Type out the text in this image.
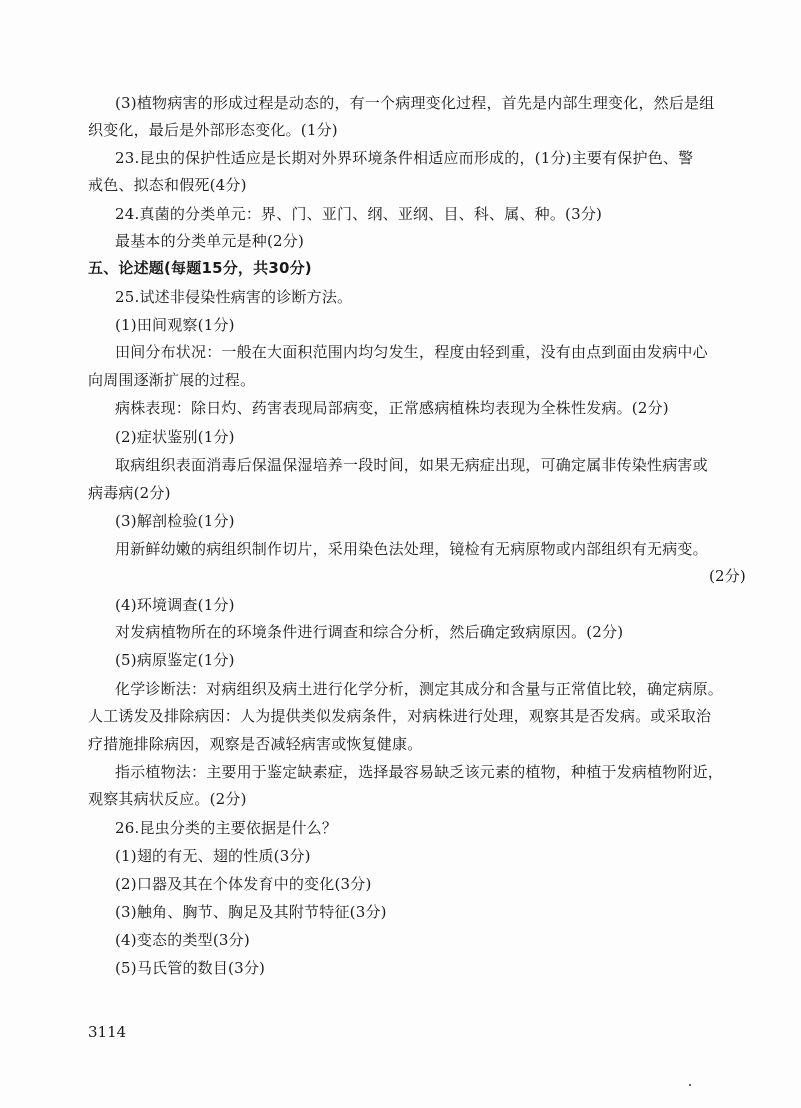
(3)植物病害的形成过程是动态的，有一个病理变化过程，首先是内部生理变化，然后是组
织变化，最后是外部形态变化。(1分)
23.昆虫的保护性适应是长期对外界环境条件相适应而形成的，(1分)主要有保护色、警
戒色、拟态和假死(4分)
24.真菌的分类单元：界、门、亚门、纲、亚纲、目、科、属、种。(3分)
最基本的分类单元是种(2分)
五、论述题(每题15分，共30分)
25.试述非侵染性病害的诊断方法。
(1)田间观察(1分)
田间分布状况：一般在大面积范围内均匀发生，程度由轻到重，没有由点到面由发病中心
向周围逐渐扩展的过程。
病株表现：除日灼、药害表现局部病变，正常感病植株均表现为全株性发病。(2分)
(2)症状鉴别(1分)
取病组织表面消毒后保温保湿培养一段时间，如果无病症出现，可确定属非传染性病害或
病毒病(2分)
(3)解剖检验(1分)
用新鲜幼嫩的病组织制作切片，采用染色法处理，镜检有无病原物或内部组织有无病变。
(2分)
(4)环境调查(1分)
对发病植物所在的环境条件进行调查和综合分析，然后确定致病原因。(2分)
(5)病原鉴定(1分)
化学诊断法：对病组织及病土进行化学分析，测定其成分和含量与正常值比较，确定病原。
人工诱发及排除病因：人为提供类似发病条件，对病株进行处理，观察其是否发病。或采取治
疗措施排除病因，观察是否减轻病害或恢复健康。
指示植物法：主要用于鉴定缺素症，选择最容易缺乏该元素的植物，种植于发病植物附近，
观察其病状反应。(2分)
26.昆虫分类的主要依据是什么？
(1)翅的有无、翅的性质(3分)
(2)口器及其在个体发育中的变化(3分)
(3)触角、胸节、胸足及其附节特征(3分)
(4)变态的类型(3分)
(5)马氏管的数目(3分)
3114
